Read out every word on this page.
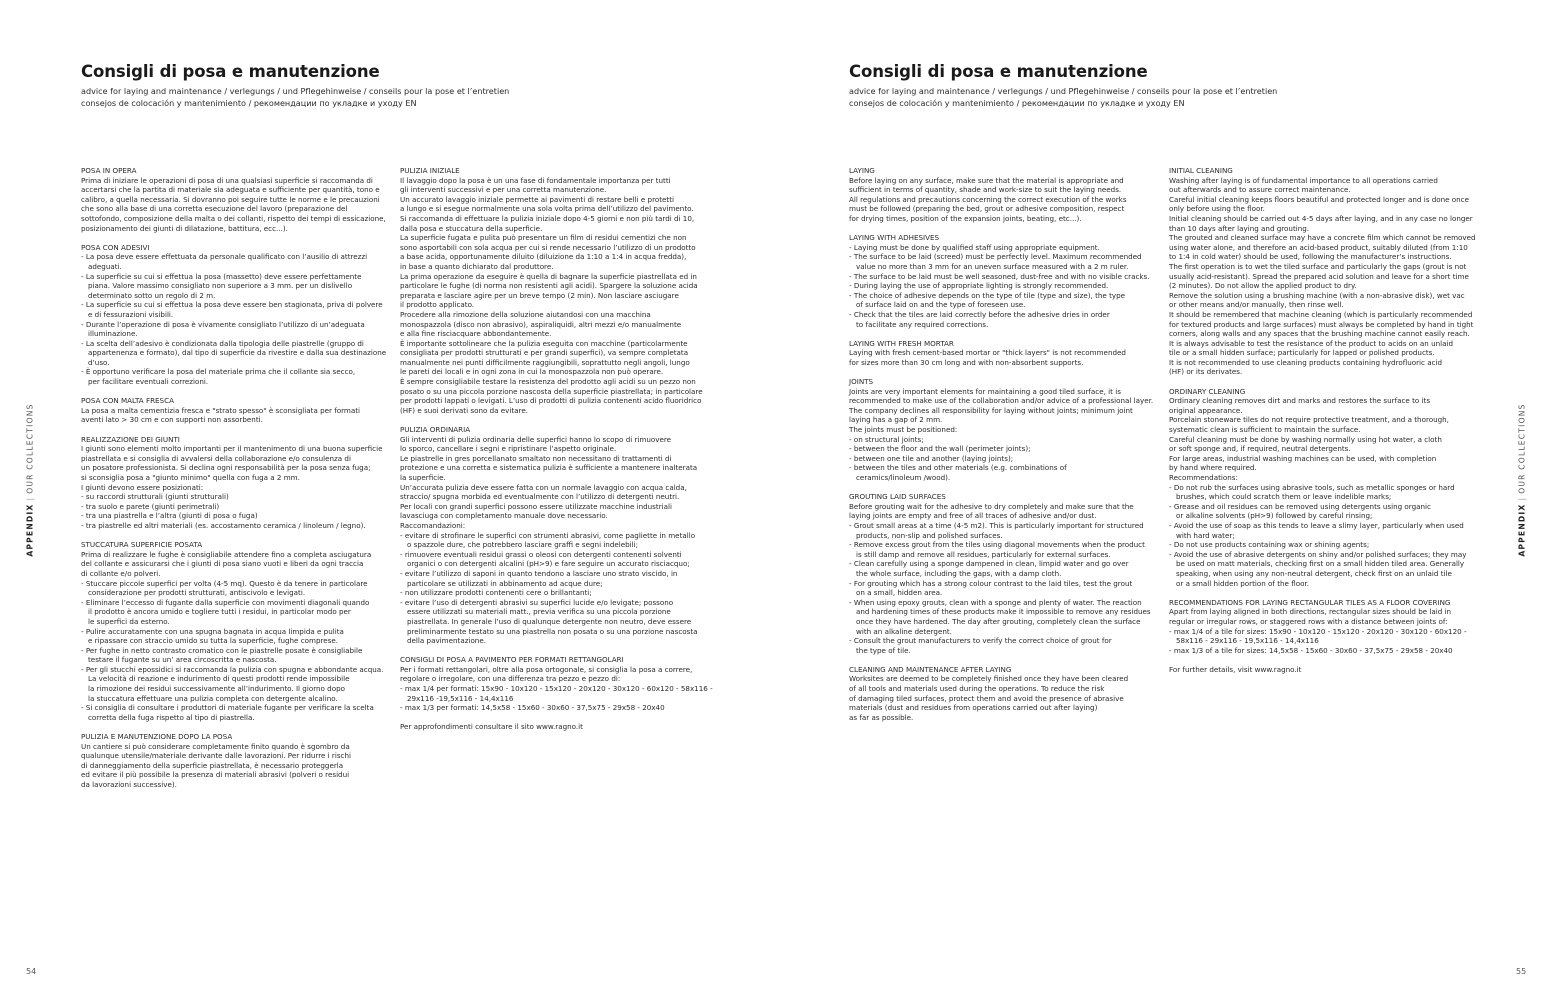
Consigli di posa e manutenzione
advice for laying and maintenance / verlegungs / und Pflegehinweise / conseils pour la pose et l’entretien
consejos de colocación y mantenimiento / рекомендации по укладке и уходу EN
POSA IN OPERA
Prima di iniziare le operazioni di posa di una qualsiasi superficie si raccomanda di
accertarsi che la partita di materiale sia adeguata e sufficiente per quantità, tono e
calibro, a quella necessaria. Si dovranno poi seguire tutte le norme e le precauzioni
che sono alla base di una corretta esecuzione del lavoro (preparazione del
sottofondo, composizione della malta o dei collanti, rispetto dei tempi di essicazione,
posizionamento dei giunti di dilatazione, battitura, ecc...).
POSA CON ADESIVI
- La posa deve essere effettuata da personale qualificato con l’ausilio di attrezzi
adeguati.
- La superficie su cui si effettua la posa (massetto) deve essere perfettamente
piana. Valore massimo consigliato non superiore a 3 mm. per un dislivello
determinato sotto un regolo di 2 m.
- La superficie su cui si effettua la posa deve essere ben stagionata, priva di polvere
e di fessurazioni visibili.
- Durante l’operazione di posa è vivamente consigliato l’utilizzo di un’adeguata
illuminazione.
- La scelta dell’adesivo è condizionata dalla tipologia delle piastrelle (gruppo di
appartenenza e formato), dal tipo di superficie da rivestire e dalla sua destinazione
d’uso.
- È opportuno verificare la posa del materiale prima che il collante sia secco,
per facilitare eventuali correzioni.
POSA CON MALTA FRESCA
La posa a malta cementizia fresca e "strato spesso" è sconsigliata per formati
aventi lato > 30 cm e con supporti non assorbenti.
REALIZZAZIONE DEI GIUNTI
I giunti sono elementi molto importanti per il mantenimento di una buona superficie
piastrellata e si consiglia di avvalersi della collaborazione e/o consulenza di
un posatore professionista. Si declina ogni responsabilità per la posa senza fuga;
si sconsiglia posa a "giunto minimo" quella con fuga a 2 mm.
I giunti devono essere posizionati:
- su raccordi strutturali (giunti strutturali)
- tra suolo e parete (giunti perimetrali)
- tra una piastrella e l’altra (giunti di posa o fuga)
- tra piastrelle ed altri materiali (es. accostamento ceramica / linoleum / legno).
STUCCATURA SUPERFICIE POSATA
Prima di realizzare le fughe è consigliabile attendere fino a completa asciugatura
del collante e assicurarsi che i giunti di posa siano vuoti e liberi da ogni traccia
di collante e/o polveri.
- Stuccare piccole superfici per volta (4-5 mq). Questo è da tenere in particolare
considerazione per prodotti strutturati, antiscivolo e levigati.
- Eliminare l’eccesso di fugante dalla superficie con movimenti diagonali quando
il prodotto è ancora umido e togliere tutti i residui, in particolar modo per
le superfici da esterno.
- Pulire accuratamente con una spugna bagnata in acqua limpida e pulita
e ripassare con straccio umido su tutta la superficie, fughe comprese.
- Per fughe in netto contrasto cromatico con le piastrelle posate è consigliabile
testare il fugante su un’ area circoscritta e nascosta.
- Per gli stucchi epossidici si raccomanda la pulizia con spugna e abbondante acqua.
La velocità di reazione e indurimento di questi prodotti rende impossibile
la rimozione dei residui successivamente all’indurimento. Il giorno dopo
la stuccatura effettuare una pulizia completa con detergente alcalino.
- Si consiglia di consultare i produttori di materiale fugante per verificare la scelta
corretta della fuga rispetto al tipo di piastrella.
PULIZIA E MANUTENZIONE DOPO LA POSA
Un cantiere si può considerare completamente finito quando è sgombro da
qualunque utensile/materiale derivante dalle lavorazioni. Per ridurre i rischi
di danneggiamento della superficie piastrellata, è necessario proteggerla
ed evitare il più possibile la presenza di materiali abrasivi (polveri o residui
da lavorazioni successive).
PULIZIA INIZIALE
Il lavaggio dopo la posa è un una fase di fondamentale importanza per tutti
gli interventi successivi e per una corretta manutenzione.
Un accurato lavaggio iniziale permette ai pavimenti di restare belli e protetti
a lungo e si esegue normalmente una sola volta prima dell’utilizzo del pavimento.
Si raccomanda di effettuare la pulizia iniziale dopo 4-5 giorni e non più tardi di 10,
dalla posa e stuccatura della superficie.
La superficie fugata e pulita può presentare un film di residui cementizi che non
sono asportabili con sola acqua per cui si rende necessario l’utilizzo di un prodotto
a base acida, opportunamente diluito (diluizione da 1:10 a 1:4 in acqua fredda),
in base a quanto dichiarato dal produttore.
La prima operazione da eseguire è quella di bagnare la superficie piastrellata ed in
particolare le fughe (di norma non resistenti agli acidi). Spargere la soluzione acida
preparata e lasciare agire per un breve tempo (2 min). Non lasciare asciugare
il prodotto applicato.
Procedere alla rimozione della soluzione aiutandosi con una macchina
monospazzola (disco non abrasivo), aspiraliquidi, altri mezzi e/o manualmente
e alla fine risciacquare abbondantemente.
È importante sottolineare che la pulizia eseguita con macchine (particolarmente
consigliata per prodotti strutturati e per grandi superfici), va sempre completata
manualmente nei punti difficilmente raggiungibili, soprattutto negli angoli, lungo
le pareti dei locali e in ogni zona in cui la monospazzola non può operare.
È sempre consigliabile testare la resistenza del prodotto agli acidi su un pezzo non
posato o su una piccola porzione nascosta della superficie piastrellata; in particolare
per prodotti lappati o levigati. L’uso di prodotti di pulizia contenenti acido fluoridrico
(HF) e suoi derivati sono da evitare.
PULIZIA ORDINARIA
Gli interventi di pulizia ordinaria delle superfici hanno lo scopo di rimuovere
lo sporco, cancellare i segni e ripristinare l’aspetto originale.
Le piastrelle in gres porcellanato smaltato non necessitano di trattamenti di
protezione e una corretta e sistematica pulizia è sufficiente a mantenere inalterata
la superficie.
Un’accurata pulizia deve essere fatta con un normale lavaggio con acqua calda,
straccio/ spugna morbida ed eventualmente con l’utilizzo di detergenti neutri.
Per locali con grandi superfici possono essere utilizzate macchine industriali
lavasciuga con completamento manuale dove necessario.
Raccomandazioni:
- evitare di strofinare le superfici con strumenti abrasivi, come pagliette in metallo
o spazzole dure, che potrebbero lasciare graffi e segni indelebili;
- rimuovere eventuali residui grassi o oleosi con detergenti contenenti solventi
organici o con detergenti alcalini (pH>9) e fare seguire un accurato risciacquo;
- evitare l’utilizzo di saponi in quanto tendono a lasciare uno strato viscido, in
particolare se utilizzati in abbinamento ad acque dure;
- non utilizzare prodotti contenenti cere o brillantanti;
- evitare l’uso di detergenti abrasivi su superfici lucide e/o levigate; possono
essere utilizzati su materiali matt., previa verifica su una piccola porzione
piastrellata. In generale l’uso di qualunque detergente non neutro, deve essere
preliminarmente testato su una piastrella non posata o su una porzione nascosta
della pavimentazione.
CONSIGLI DI POSA A PAVIMENTO PER FORMATI RETTANGOLARI
Per i formati rettangolari, oltre alla posa ortogonale, si consiglia la posa a correre,
regolare o irregolare, con una differenza tra pezzo e pezzo di:
- max 1/4 per formati: 15x90 - 10x120 - 15x120 - 20x120 - 30x120 - 60x120 - 58x116 -
29x116 -19,5x116 - 14,4x116
- max 1/3 per formati: 14,5x58 - 15x60 - 30x60 - 37,5x75 - 29x58 - 20x40
Per approfondimenti consultare il sito www.ragno.it
APPENDIX|OUR COLLECTIONS
54
Consigli di posa e manutenzione
advice for laying and maintenance / verlegungs / und Pflegehinweise / conseils pour la pose et l’entretien
consejos de colocación y mantenimiento / рекомендации по укладке и уходу EN
LAYING
Before laying on any surface, make sure that the material is appropriate and
sufficient in terms of quantity, shade and work-size to suit the laying needs.
All regulations and precautions concerning the correct execution of the works
must be followed (preparing the bed, grout or adhesive composition, respect
for drying times, position of the expansion joints, beating, etc...).
LAYING WITH ADHESIVES
- Laying must be done by qualified staff using appropriate equipment.
- The surface to be laid (screed) must be perfectly level. Maximum recommended
value no more than 3 mm for an uneven surface measured with a 2 m ruler.
- The surface to be laid must be well seasoned, dust-free and with no visible cracks.
- During laying the use of appropriate lighting is strongly recommended.
- The choice of adhesive depends on the type of tile (type and size), the type
of surface laid on and the type of foreseen use.
- Check that the tiles are laid correctly before the adhesive dries in order
to facilitate any required corrections.
LAYING WITH FRESH MORTAR
Laying with fresh cement-based mortar or "thick layers" is not recommended
for sizes more than 30 cm long and with non-absorbent supports.
JOINTS
Joints are very important elements for maintaining a good tiled surface, it is
recommended to make use of the collaboration and/or advice of a professional layer.
The company declines all responsibility for laying without joints; minimum joint
laying has a gap of 2 mm.
The joints must be positioned:
- on structural joints;
- between the floor and the wall (perimeter joints);
- between one tile and another (laying joints);
- between the tiles and other materials (e.g. combinations of
ceramics/linoleum /wood).
GROUTING LAID SURFACES
Before grouting wait for the adhesive to dry completely and make sure that the
laying joints are empty and free of all traces of adhesive and/or dust.
- Grout small areas at a time (4-5 m2). This is particularly important for structured
products, non-slip and polished surfaces.
- Remove excess grout from the tiles using diagonal movements when the product
is still damp and remove all residues, particularly for external surfaces.
- Clean carefully using a sponge dampened in clean, limpid water and go over
the whole surface, including the gaps, with a damp cloth.
- For grouting which has a strong colour contrast to the laid tiles, test the grout
on a small, hidden area.
- When using epoxy grouts, clean with a sponge and plenty of water. The reaction
and hardening times of these products make it impossible to remove any residues
once they have hardened. The day after grouting, completely clean the surface
with an alkaline detergent.
- Consult the grout manufacturers to verify the correct choice of grout for
the type of tile.
CLEANING AND MAINTENANCE AFTER LAYING
Worksites are deemed to be completely finished once they have been cleared
of all tools and materials used during the operations. To reduce the risk
of damaging tiled surfaces, protect them and avoid the presence of abrasive
materials (dust and residues from operations carried out after laying)
as far as possible.
INITIAL CLEANING
Washing after laying is of fundamental importance to all operations carried
out afterwards and to assure correct maintenance.
Careful initial cleaning keeps floors beautiful and protected longer and is done once
only before using the floor.
Initial cleaning should be carried out 4-5 days after laying, and in any case no longer
than 10 days after laying and grouting.
The grouted and cleaned surface may have a concrete film which cannot be removed
using water alone, and therefore an acid-based product, suitably diluted (from 1:10
to 1:4 in cold water) should be used, following the manufacturer’s instructions.
The first operation is to wet the tiled surface and particularly the gaps (grout is not
usually acid-resistant). Spread the prepared acid solution and leave for a short time
(2 minutes). Do not allow the applied product to dry.
Remove the solution using a brushing machine (with a non-abrasive disk), wet vac
or other means and/or manually, then rinse well.
It should be remembered that machine cleaning (which is particularly recommended
for textured products and large surfaces) must always be completed by hand in tight
corners, along walls and any spaces that the brushing machine cannot easily reach.
It is always advisable to test the resistance of the product to acids on an unlaid
tile or a small hidden surface; particularly for lapped or polished products.
It is not recommended to use cleaning products containing hydrofluoric acid
(HF) or its derivates.
ORDINARY CLEANING
Ordinary cleaning removes dirt and marks and restores the surface to its
original appearance.
Porcelain stoneware tiles do not require protective treatment, and a thorough,
systematic clean is sufficient to maintain the surface.
Careful cleaning must be done by washing normally using hot water, a cloth
or soft sponge and, if required, neutral detergents.
For large areas, industrial washing machines can be used, with completion
by hand where required.
Recommendations:
- Do not rub the surfaces using abrasive tools, such as metallic sponges or hard
brushes, which could scratch them or leave indelible marks;
- Grease and oil residues can be removed using detergents using organic
or alkaline solvents (pH>9) followed by careful rinsing;
- Avoid the use of soap as this tends to leave a slimy layer, particularly when used
with hard water;
- Do not use products containing wax or shining agents;
- Avoid the use of abrasive detergents on shiny and/or polished surfaces; they may
be used on matt materials, checking first on a small hidden tiled area. Generally
speaking, when using any non-neutral detergent, check first on an unlaid tile
or a small hidden portion of the floor.
RECOMMENDATIONS FOR LAYING RECTANGULAR TILES AS A FLOOR COVERING
Apart from laying aligned in both directions, rectangular sizes should be laid in
regular or irregular rows, or staggered rows with a distance between joints of:
- max 1/4 of a tile for sizes: 15x90 - 10x120 - 15x120 - 20x120 - 30x120 - 60x120 -
58x116 - 29x116 - 19,5x116 - 14,4x116
- max 1/3 of a tile for sizes: 14,5x58 - 15x60 - 30x60 - 37,5x75 - 29x58 - 20x40
For further details, visit www.ragno.it
APPENDIX|OUR COLLECTIONS
55
